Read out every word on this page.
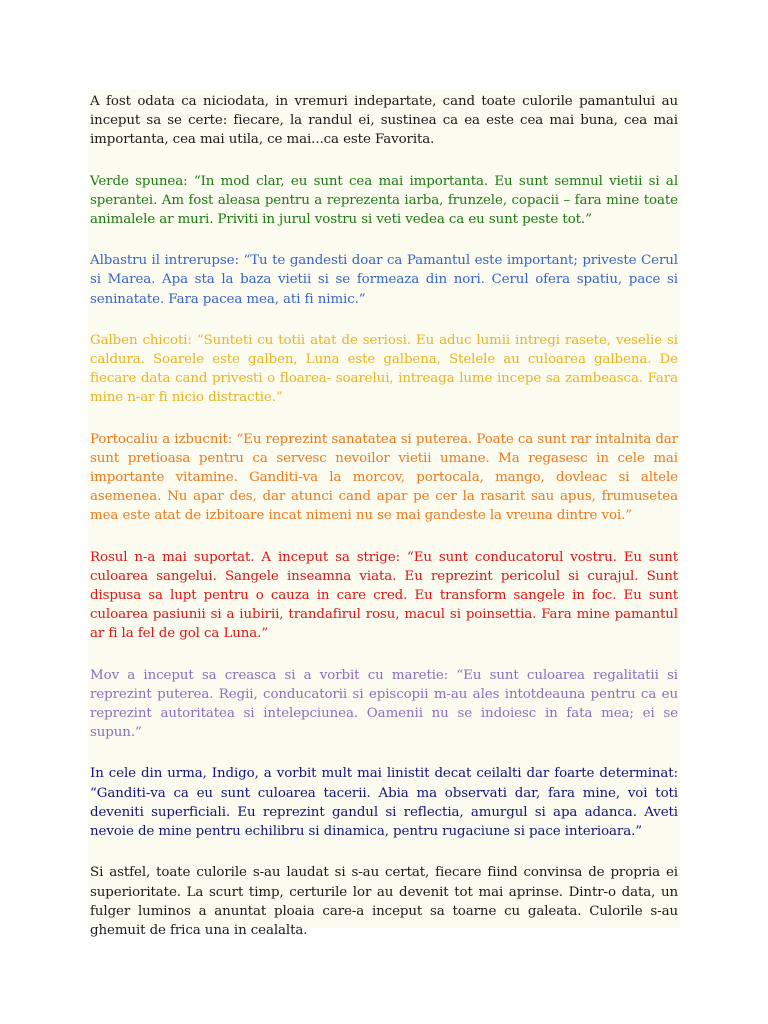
A fost odata ca niciodata, in vremuri indepartate, cand toate culorile pamantului au inceput sa se certe: fiecare, la randul ei, sustinea ca ea este cea mai buna, cea mai importanta, cea mai utila, ce mai...ca este Favorita.

Verde spunea: “In mod clar, eu sunt cea mai importanta. Eu sunt semnul vietii si al sperantei. Am fost aleasa pentru a reprezenta iarba, frunzele, copacii – fara mine toate animalele ar muri. Priviti in jurul vostru si veti vedea ca eu sunt peste tot.”

Albastru il intrerupse: “Tu te gandesti doar ca Pamantul este important; priveste Cerul si Marea. Apa sta la baza vietii si se formeaza din nori. Cerul ofera spatiu, pace si seninatate. Fara pacea mea, ati fi nimic.”

Galben chicoti: “Sunteti cu totii atat de seriosi. Eu aduc lumii intregi rasete, veselie si caldura. Soarele este galben, Luna este galbena, Stelele au culoarea galbena. De fiecare data cand privesti o floarea- soarelui, intreaga lume incepe sa zambeasca. Fara mine n-ar fi nicio distractie.”

Portocaliu a izbucnit: “Eu reprezint sanatatea si puterea. Poate ca sunt rar intalnita dar sunt pretioasa pentru ca servesc nevoilor vietii umane. Ma regasesc in cele mai importante vitamine. Ganditi-va la morcov, portocala, mango, dovleac si altele asemenea. Nu apar des, dar atunci cand apar pe cer la rasarit sau apus, frumusetea mea este atat de izbitoare incat nimeni nu se mai gandeste la vreuna dintre voi.”

Rosul n-a mai suportat. A inceput sa strige: “Eu sunt conducatorul vostru. Eu sunt culoarea sangelui. Sangele inseamna viata. Eu reprezint pericolul si curajul. Sunt dispusa sa lupt pentru o cauza in care cred. Eu transform sangele in foc. Eu sunt culoarea pasiunii si a iubirii, trandafirul rosu, macul si poinsettia. Fara mine pamantul ar fi la fel de gol ca Luna.”

Mov a inceput sa creasca si a vorbit cu maretie: “Eu sunt culoarea regalitatii si reprezint puterea. Regii, conducatorii si episcopii m-au ales intotdeauna pentru ca eu reprezint autoritatea si intelepciunea. Oamenii nu se indoiesc in fata mea; ei se supun.”

In cele din urma, Indigo, a vorbit mult mai linistit decat ceilalti dar foarte determinat: “Ganditi-va ca eu sunt culoarea tacerii. Abia ma observati dar, fara mine, voi toti deveniti superficiali. Eu reprezint gandul si reflectia, amurgul si apa adanca. Aveti nevoie de mine pentru echilibru si dinamica, pentru rugaciune si pace interioara.”

Si astfel, toate culorile s-au laudat si s-au certat, fiecare fiind convinsa de propria ei superioritate. La scurt timp, certurile lor au devenit tot mai aprinse. Dintr-o data, un fulger luminos a anuntat ploaia care-a inceput sa toarne cu galeata. Culorile s-au ghemuit de frica una in cealalta.
